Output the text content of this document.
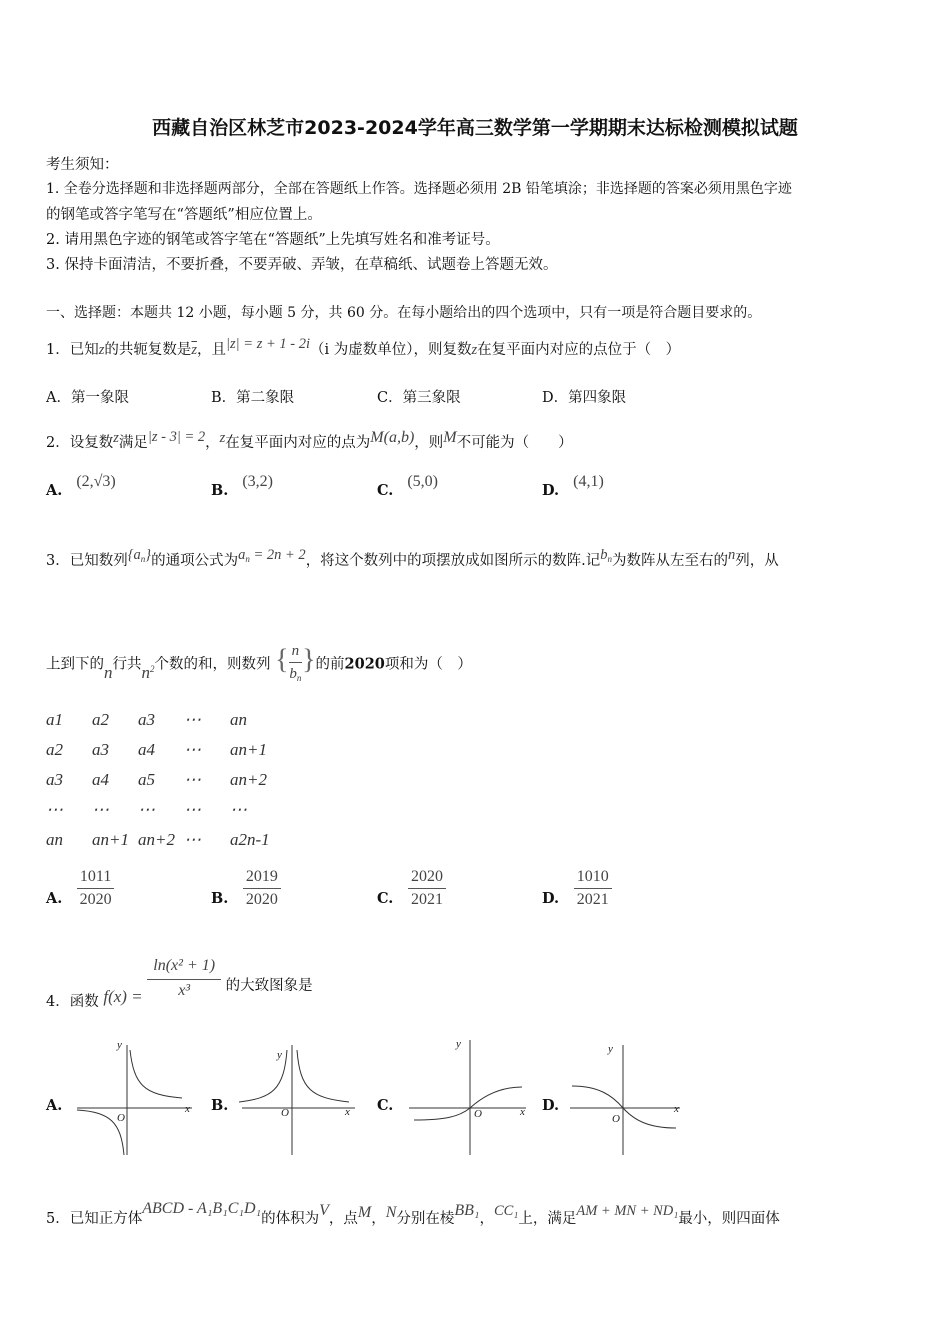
西藏自治区林芝市2023-2024学年高三数学第一学期期末达标检测模拟试题
考生须知：
1. 全卷分选择题和非选择题两部分，全部在答题纸上作答。选择题必须用 2B 铅笔填涂；非选择题的答案必须用黑色字迹
的钢笔或答字笔写在“答题纸”相应位置上。
2. 请用黑色字迹的钢笔或答字笔在“答题纸”上先填写姓名和准考证号。
3. 保持卡面清洁，不要折叠，不要弄破、弄皱，在草稿纸、试题卷上答题无效。
一、选择题：本题共 12 小题，每小题 5 分，共 60 分。在每小题给出的四个选项中，只有一项是符合题目要求的。
1．已知z的共轭复数是$\overline{z}$，且|z| = z + 1 - 2i（i 为虚数单位），则复数z在复平面内对应的点位于（　）
A．第一象限	B．第二象限	C．第三象限	D．第四象限
2．设复数z满足|z - 3| = 2，z在复平面内对应的点为M(a,b)，则M不可能为（　　）
A.(2,√3)
B.(3,2)
C.(5,0)
D.(4,1)
3．已知数列$\{a_n\}$的通项公式为$a_n = 2n + 2$，将这个数列中的项摆放成如图所示的数阵.记$b_n$为数阵从左至右的n列，从
上到下的n行共$n^2$个数的和，则数列 { $\frac{n}{b_n}$ }的前2020项和为（　）
a1	a2	a3	⋯	an
a2	a3	a4	⋯	an+1
a3	a4	a5	⋯	an+2
⋯	⋯	⋯	⋯	⋯
an	an+1	an+2	⋯	a2n-1
A. $\frac{1011}{2020}$	B. $\frac{2019}{2020}$	C. $\frac{2020}{2021}$	D. $\frac{1010}{2021}$
4．函数 $f(x) = \frac{\text{ln(x² + 1)}}{\text{x³}}$ 的大致图象是
A.
y
x
O
B.
y
x
O	C.
y
x
O	D.
y
x
O
5．已知正方体ABCD - A₁B₁C₁D₁的体积为V，点M，N分别在棱BB₁，CC₁上，满足AM + MN + ND₁最小，则四面体
